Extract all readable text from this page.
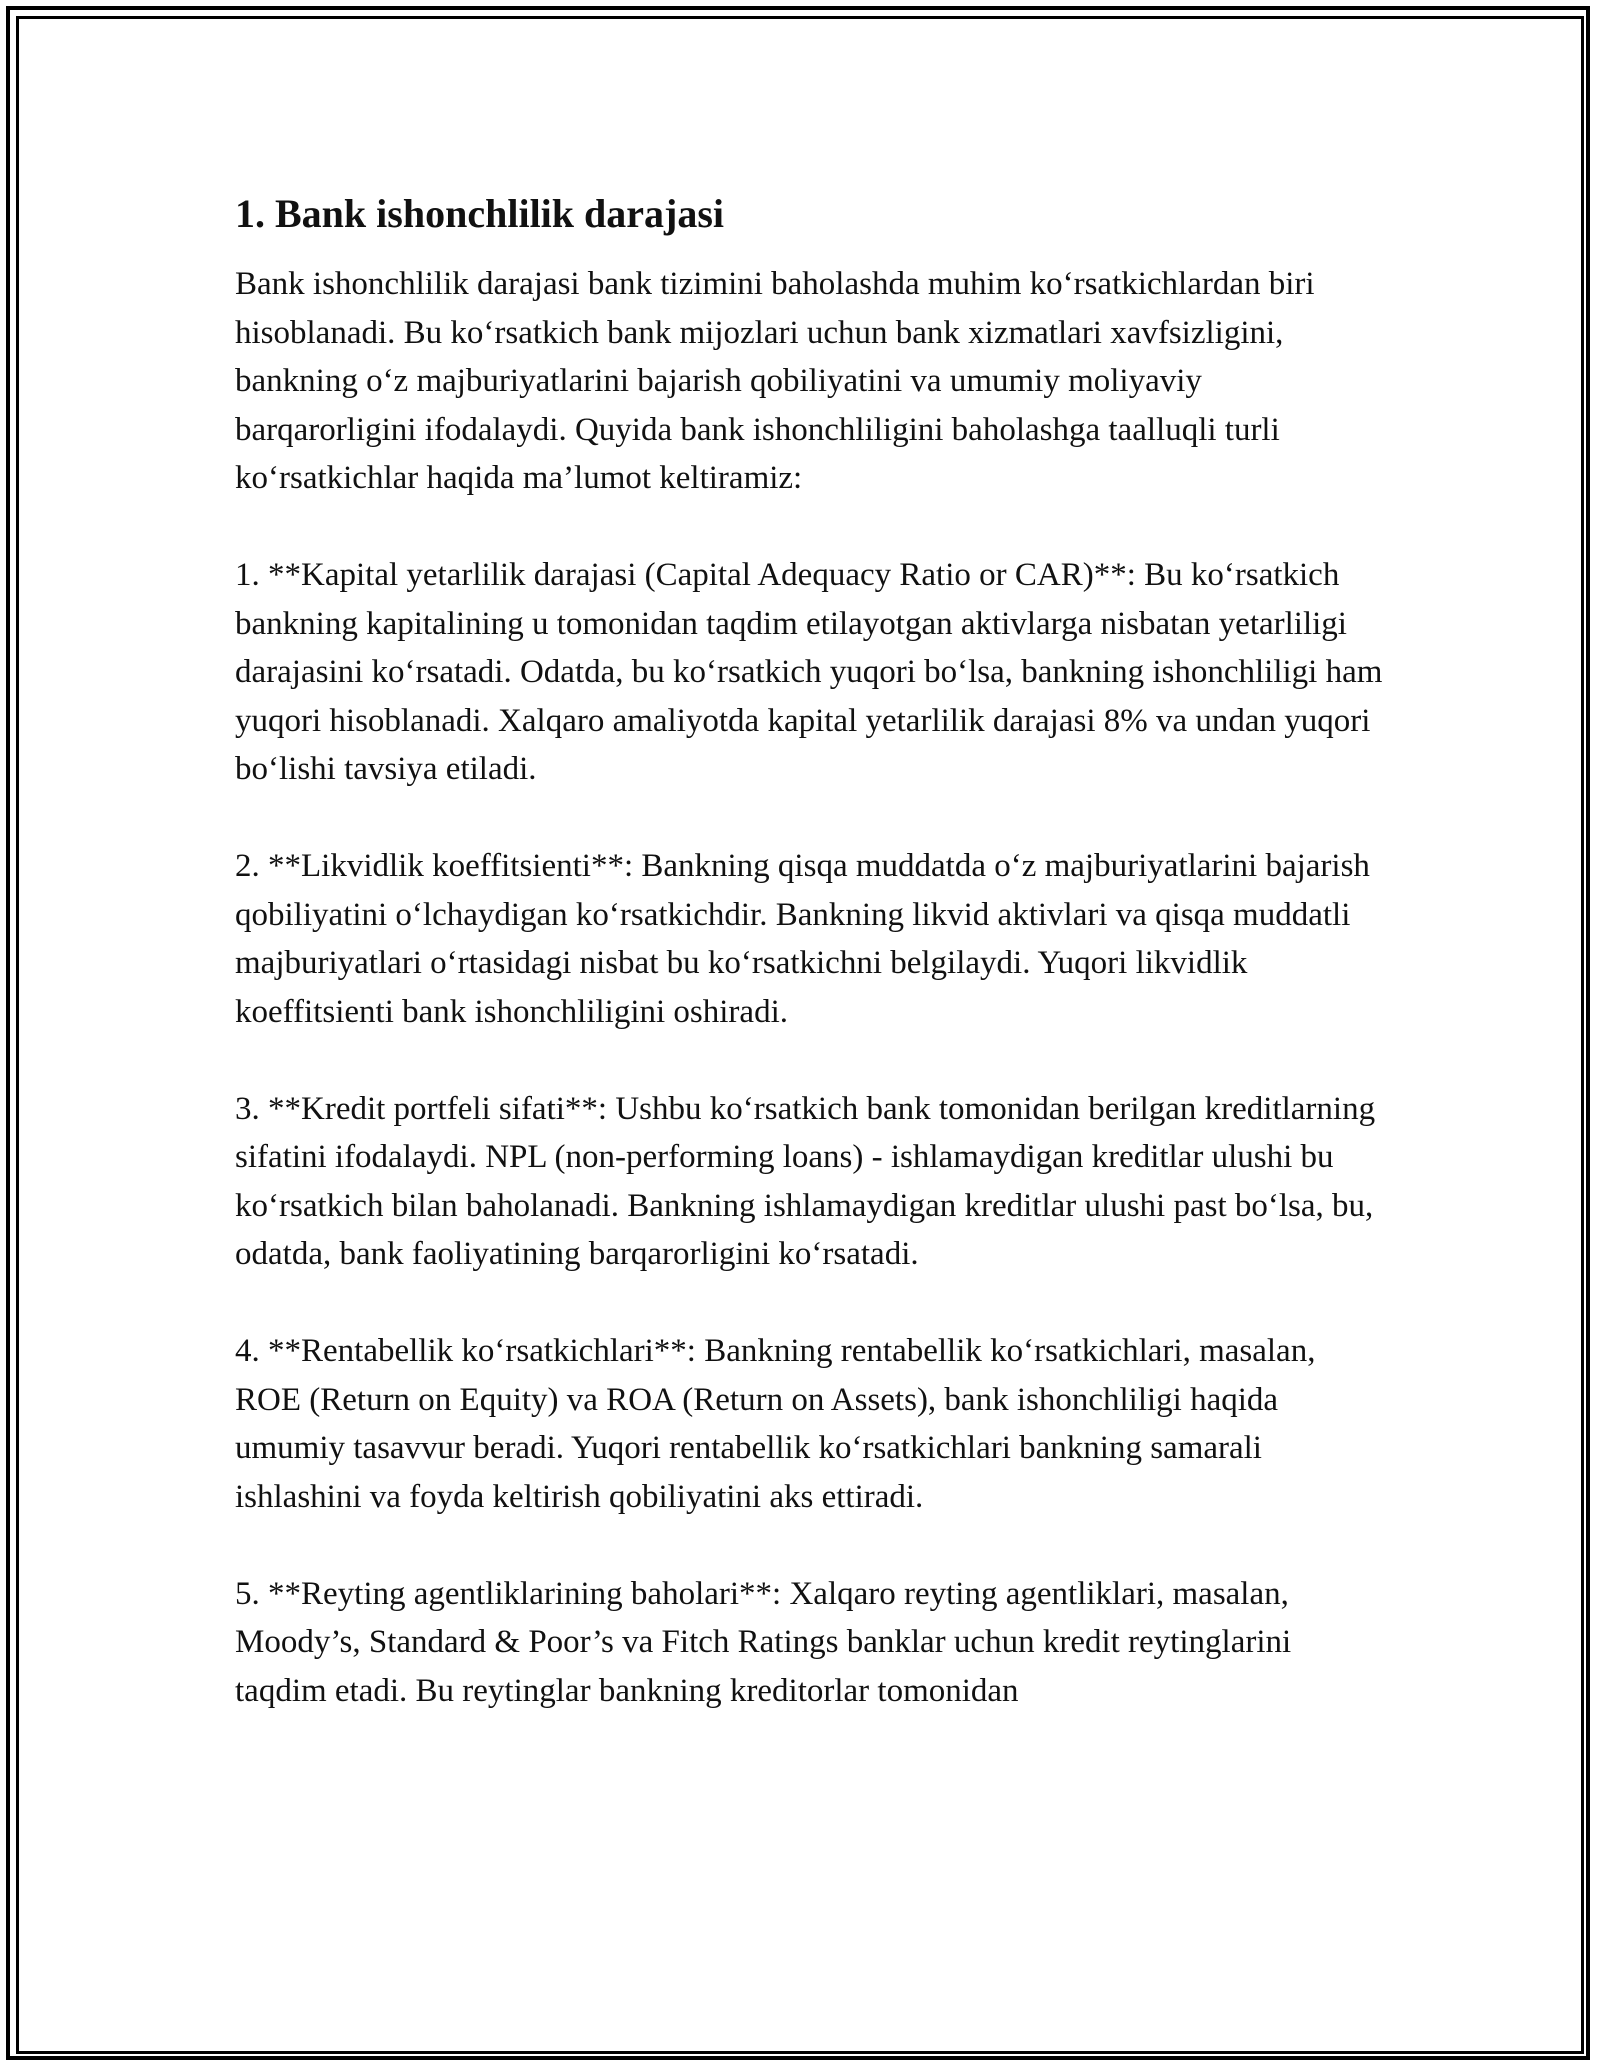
1. Bank ishonchlilik darajasi

Bank ishonchlilik darajasi bank tizimini baholashda muhim ko‘rsatkichlardan biri hisoblanadi. Bu ko‘rsatkich bank mijozlari uchun bank xizmatlari xavfsizligini, bankning o‘z majburiyatlarini bajarish qobiliyatini va umumiy moliyaviy barqarorligini ifodalaydi. Quyida bank ishonchliligini baholashga taalluqli turli ko‘rsatkichlar haqida ma’lumot keltiramiz:

1. **Kapital yetarlilik darajasi (Capital Adequacy Ratio or CAR)**: Bu ko‘rsatkich bankning kapitalining u tomonidan taqdim etilayotgan aktivlarga nisbatan yetarliligi darajasini ko‘rsatadi. Odatda, bu ko‘rsatkich yuqori bo‘lsa, bankning ishonchliligi ham yuqori hisoblanadi. Xalqaro amaliyotda kapital yetarlilik darajasi 8% va undan yuqori bo‘lishi tavsiya etiladi.

2. **Likvidlik koeffitsienti**: Bankning qisqa muddatda o‘z majburiyatlarini bajarish qobiliyatini o‘lchaydigan ko‘rsatkichdir. Bankning likvid aktivlari va qisqa muddatli majburiyatlari o‘rtasidagi nisbat bu ko‘rsatkichni belgilaydi. Yuqori likvidlik koeffitsienti bank ishonchliligini oshiradi.

3. **Kredit portfeli sifati**: Ushbu ko‘rsatkich bank tomonidan berilgan kreditlarning sifatini ifodalaydi. NPL (non-performing loans) - ishlamaydigan kreditlar ulushi bu ko‘rsatkich bilan baholanadi. Bankning ishlamaydigan kreditlar ulushi past bo‘lsa, bu, odatda, bank faoliyatining barqarorligini ko‘rsatadi.

4. **Rentabellik ko‘rsatkichlari**: Bankning rentabellik ko‘rsatkichlari, masalan, ROE (Return on Equity) va ROA (Return on Assets), bank ishonchliligi haqida umumiy tasavvur beradi. Yuqori rentabellik ko‘rsatkichlari bankning samarali ishlashini va foyda keltirish qobiliyatini aks ettiradi.

5. **Reyting agentliklarining baholari**: Xalqaro reyting agentliklari, masalan, Moody’s, Standard & Poor’s va Fitch Ratings banklar uchun kredit reytinglarini taqdim etadi. Bu reytinglar bankning kreditorlar tomonidan
